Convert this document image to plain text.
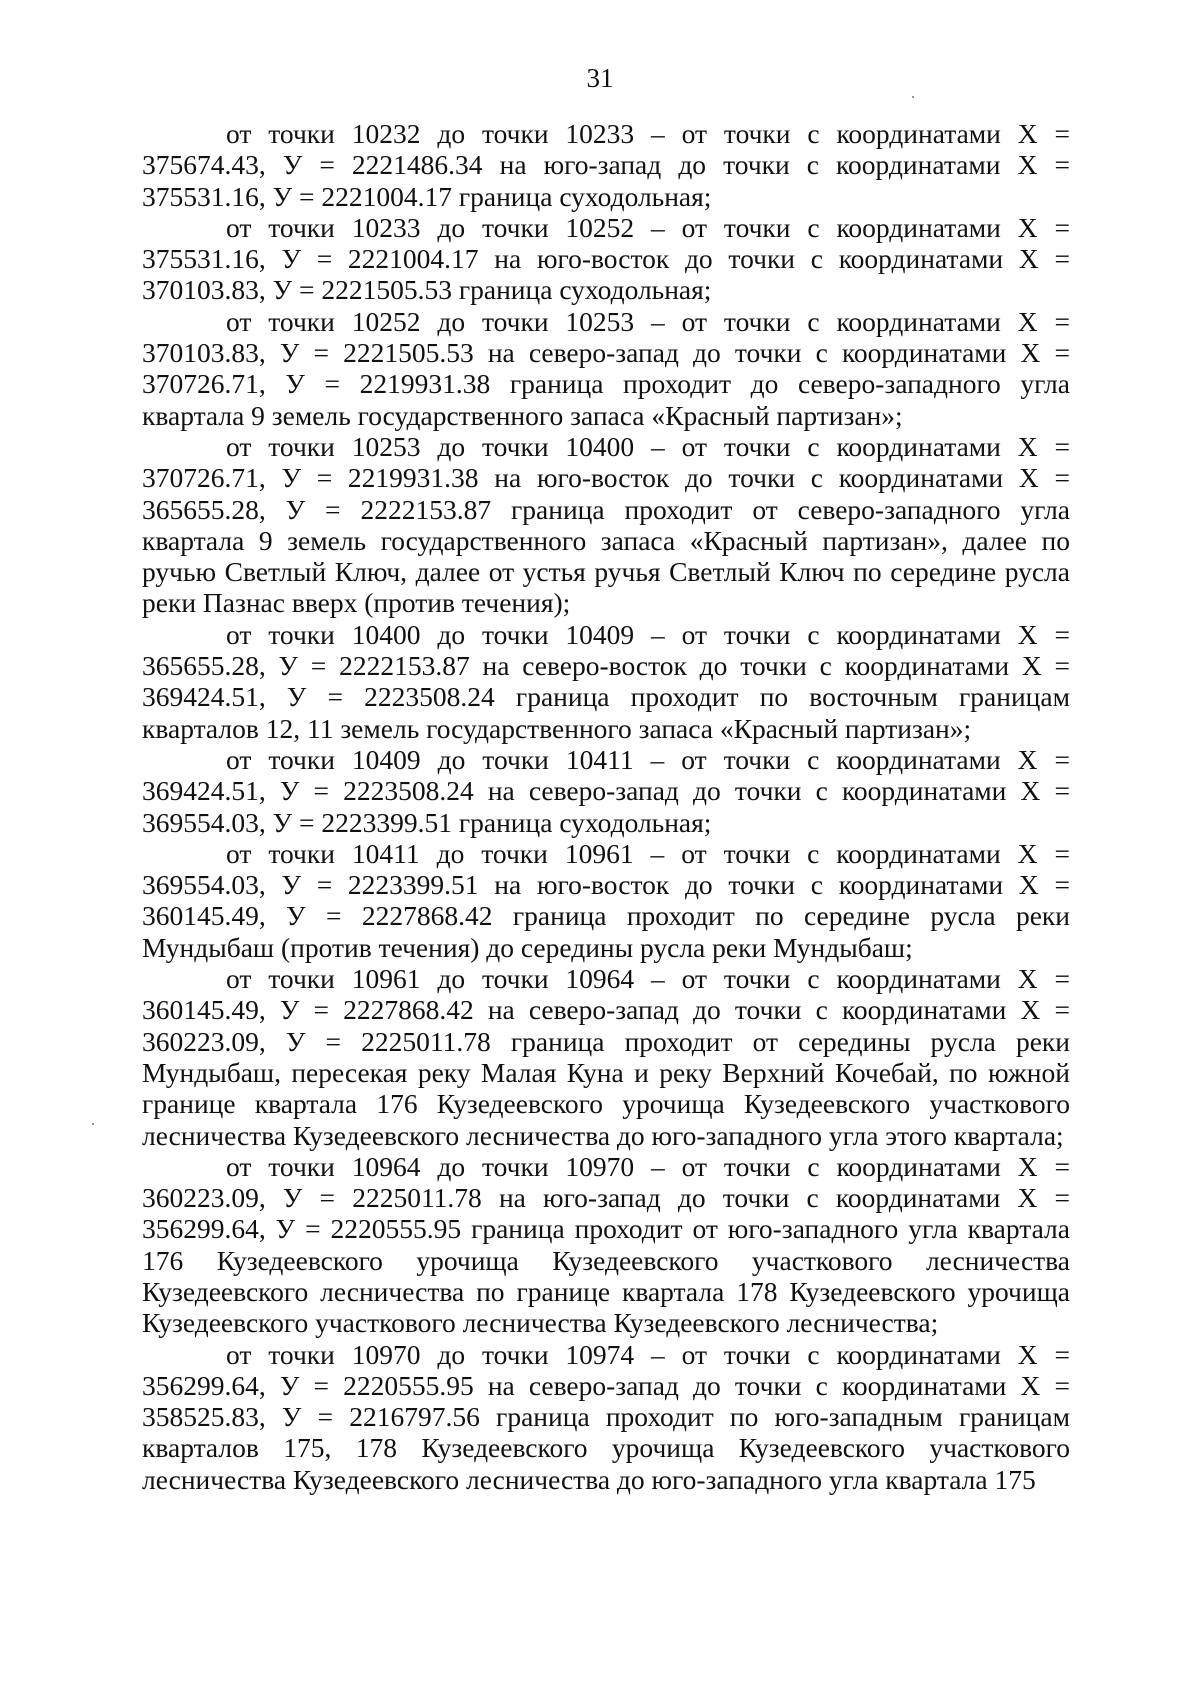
31

от точки 10232 до точки 10233 – от точки с координатами Х = 375674.43, У = 2221486.34 на юго-запад до точки с координатами Х = 375531.16, У = 2221004.17 граница суходольная;

от точки 10233 до точки 10252 – от точки с координатами Х = 375531.16, У = 2221004.17 на юго-восток до точки с координатами Х = 370103.83, У = 2221505.53 граница суходольная;

от точки 10252 до точки 10253 – от точки с координатами Х = 370103.83, У = 2221505.53 на северо-запад до точки с координатами Х = 370726.71, У = 2219931.38 граница проходит до северо-западного угла квартала 9 земель государственного запаса «Красный партизан»;

от точки 10253 до точки 10400 – от точки с координатами Х = 370726.71, У = 2219931.38 на юго-восток до точки с координатами Х = 365655.28, У = 2222153.87 граница проходит от северо-западного угла квартала 9 земель государственного запаса «Красный партизан», далее по ручью Светлый Ключ, далее от устья ручья Светлый Ключ по середине русла реки Пазнас вверх (против течения);

от точки 10400 до точки 10409 – от точки с координатами Х = 365655.28, У = 2222153.87 на северо-восток до точки с координатами Х = 369424.51, У = 2223508.24 граница проходит по восточным границам кварталов 12, 11 земель государственного запаса «Красный партизан»;

от точки 10409 до точки 10411 – от точки с координатами Х = 369424.51, У = 2223508.24 на северо-запад до точки с координатами Х = 369554.03, У = 2223399.51 граница суходольная;

от точки 10411 до точки 10961 – от точки с координатами Х = 369554.03, У = 2223399.51 на юго-восток до точки с координатами Х = 360145.49, У = 2227868.42 граница проходит по середине русла реки Мундыбаш (против течения) до середины русла реки Мундыбаш;

от точки 10961 до точки 10964 – от точки с координатами Х = 360145.49, У = 2227868.42 на северо-запад до точки с координатами Х = 360223.09, У = 2225011.78 граница проходит от середины русла реки Мундыбаш, пересекая реку Малая Куна и реку Верхний Кочебай, по южной границе квартала 176 Кузедеевского урочища Кузедеевского участкового лесничества Кузедеевского лесничества до юго-западного угла этого квартала;

от точки 10964 до точки 10970 – от точки с координатами Х = 360223.09, У = 2225011.78 на юго-запад до точки с координатами Х = 356299.64, У = 2220555.95 граница проходит от юго-западного угла квартала 176 Кузедеевского урочища Кузедеевского участкового лесничества Кузедеевского лесничества по границе квартала 178 Кузедеевского урочища Кузедеевского участкового лесничества Кузедеевского лесничества;

от точки 10970 до точки 10974 – от точки с координатами Х = 356299.64, У = 2220555.95 на северо-запад до точки с координатами Х = 358525.83, У = 2216797.56 граница проходит по юго-западным границам кварталов 175, 178 Кузедеевского урочища Кузедеевского участкового лесничества Кузедеевского лесничества до юго-западного угла квартала 175
